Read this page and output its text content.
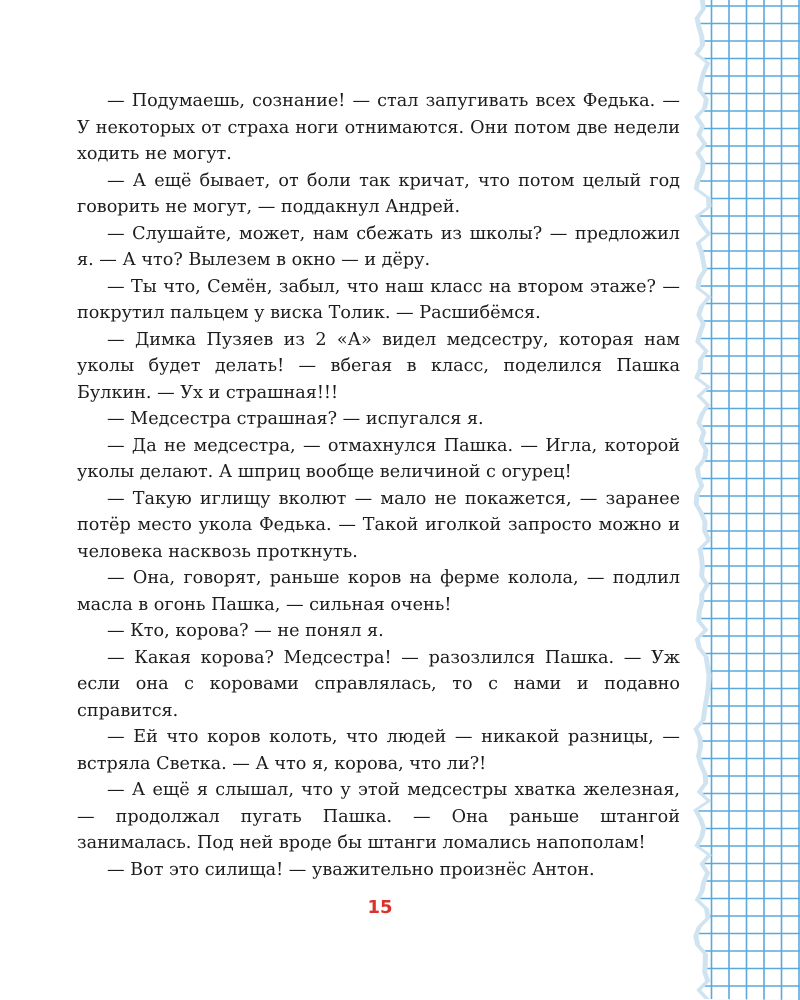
— Подумаешь, сознание! — стал запугивать всех Федька. — У некоторых от страха ноги отнимаются. Они потом две недели ходить не могут.

— А ещё бывает, от боли так кричат, что потом целый год говорить не могут, — поддакнул Андрей.

— Слушайте, может, нам сбежать из школы? — предложил я. — А что? Вылезем в окно — и дёру.

— Ты что, Семён, забыл, что наш класс на втором этаже? — покрутил пальцем у виска Толик. — Расшибёмся.

— Димка Пузяев из 2 «А» видел медсестру, которая нам уколы будет делать! — вбегая в класс, поделился Пашка Булкин. — Ух и страшная!!!

— Медсестра страшная? — испугался я.

— Да не медсестра, — отмахнулся Пашка. — Игла, которой уколы делают. А шприц вообще величиной с огурец!

— Такую иглищу вколют — мало не покажется, — заранее потёр место укола Федька. — Такой иголкой запросто можно и человека насквозь проткнуть.

— Она, говорят, раньше коров на ферме колола, — подлил масла в огонь Пашка, — сильная очень!

— Кто, корова? — не понял я.

— Какая корова? Медсестра! — разозлился Пашка. — Уж если она с коровами справлялась, то с нами и подавно справится.

— Ей что коров колоть, что людей — никакой разницы, — встряла Светка. — А что я, корова, что ли?!

— А ещё я слышал, что у этой медсестры хватка железная, — продолжал пугать Пашка. — Она раньше штангой занималась. Под ней вроде бы штанги ломались напополам!

— Вот это силища! — уважительно произнёс Антон.

15
